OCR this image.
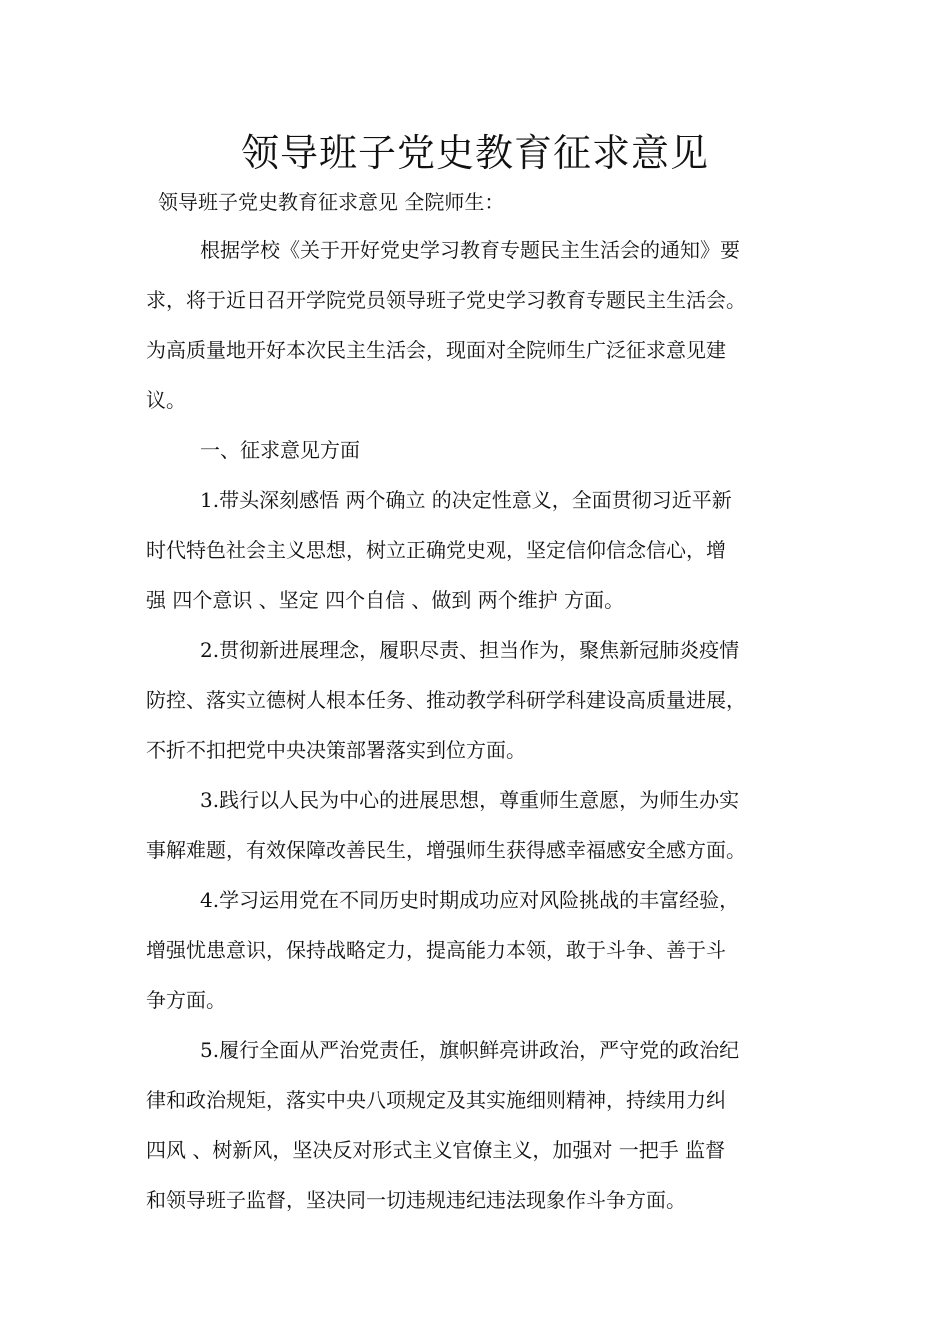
领导班子党史教育征求意见

领导班子党史教育征求意见 全院师生：

根据学校《关于开好党史学习教育专题民主生活会的通知》要

求，将于近日召开学院党员领导班子党史学习教育专题民主生活会。

为高质量地开好本次民主生活会，现面对全院师生广泛征求意见建

议。

一、征求意见方面

1.带头深刻感悟 两个确立 的决定性意义，全面贯彻习近平新

时代特色社会主义思想，树立正确党史观，坚定信仰信念信心，增

强 四个意识 、坚定 四个自信 、做到 两个维护 方面。

2.贯彻新进展理念，履职尽责、担当作为，聚焦新冠肺炎疫情

防控、落实立德树人根本任务、推动教学科研学科建设高质量进展，

不折不扣把党中央决策部署落实到位方面。

3.践行以人民为中心的进展思想，尊重师生意愿，为师生办实

事解难题，有效保障改善民生，增强师生获得感幸福感安全感方面。

4.学习运用党在不同历史时期成功应对风险挑战的丰富经验，

增强忧患意识，保持战略定力，提高能力本领，敢于斗争、善于斗

争方面。

5.履行全面从严治党责任，旗帜鲜亮讲政治，严守党的政治纪

律和政治规矩，落实中央八项规定及其实施细则精神，持续用力纠

四风 、树新风，坚决反对形式主义官僚主义，加强对 一把手 监督

和领导班子监督，坚决同一切违规违纪违法现象作斗争方面。
